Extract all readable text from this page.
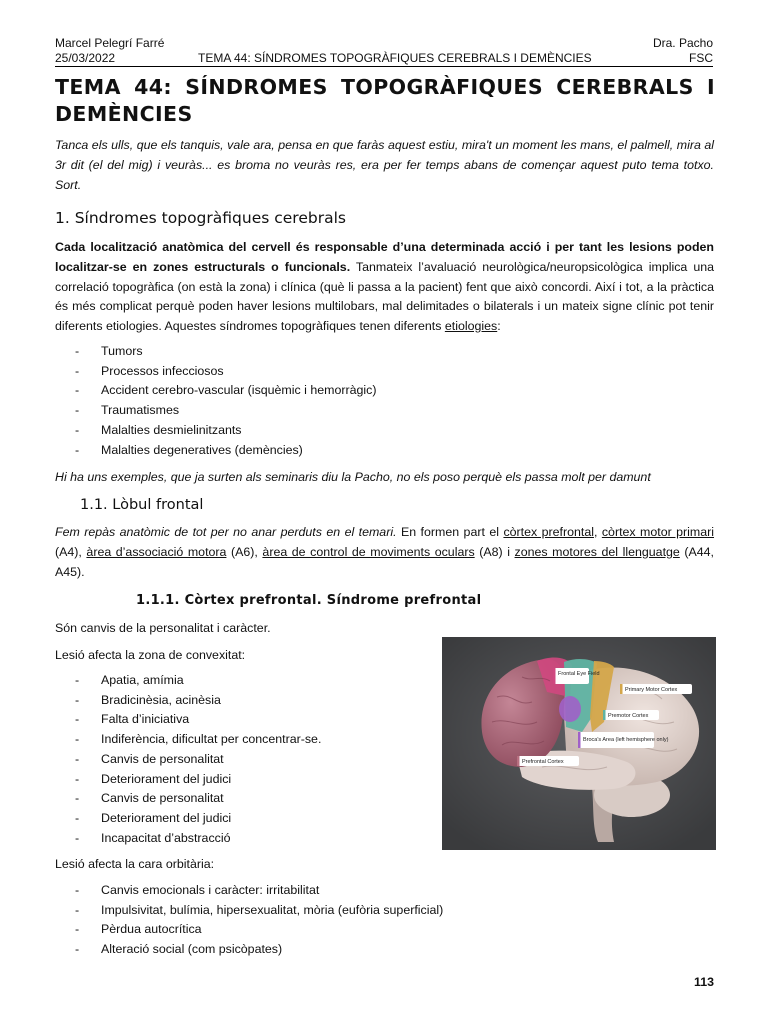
Marcel Pelegrí Farré	Dra. Pacho
25/03/2022	TEMA 44: SÍNDROMES TOPOGRÀFIQUES CEREBRALS I DEMÈNCIES	FSC
TEMA 44: SÍNDROMES TOPOGRÀFIQUES CEREBRALS I DEMÈNCIES
Tanca els ulls, que els tanquis, vale ara, pensa en que faràs aquest estiu, mira't un moment les mans, el palmell, mira al 3r dit (el del mig) i veuràs... es broma no veuràs res, era per fer temps abans de començar aquest puto tema totxo. Sort.
1. Síndromes topogràfiques cerebrals
Cada localització anatòmica del cervell és responsable d’una determinada acció i per tant les lesions poden localitzar-se en zones estructurals o funcionals. Tanmateix l’avaluació neurològica/neuropsicològica implica una correlació topogràfica (on està la zona) i clínica (què li passa a la pacient) fent que això concordi. Així i tot, a la pràctica és més complicat perquè poden haver lesions multilobars, mal delimitades o bilaterals i un mateix signe clínic pot tenir diferents etiologies. Aquestes síndromes topogràfiques tenen diferents etiologies:
- Tumors
- Processos infecciosos
- Accident cerebro-vascular (isquèmic i hemorràgic)
- Traumatismes
- Malalties desmielinitzants
- Malalties degeneratives (demències)
Hi ha uns exemples, que ja surten als seminaris diu la Pacho, no els poso perquè els passa molt per damunt
1.1. Lòbul frontal
Fem repàs anatòmic de tot per no anar perduts en el temari. En formen part el còrtex prefrontal, còrtex motor primari (A4), àrea d’associació motora (A6), àrea de control de moviments oculars (A8) i zones motores del llenguatge (A44, A45).
1.1.1. Còrtex prefrontal. Síndrome prefrontal
Són canvis de la personalitat i caràcter.
Lesió afecta la zona de convexitat:
- Apatia, amímia
- Bradicinèsia, acinèsia
- Falta d’iniciativa
- Indiferència, dificultat per concentrar-se.
- Canvis de personalitat
- Deteriorament del judici
- Canvis de personalitat
- Deteriorament del judici
- Incapacitat d’abstracció
Lesió afecta la cara orbitària:
- Canvis emocionals i caràcter: irritabilitat
- Impulsivitat, bulímia, hipersexualitat, mòria (eufòria superficial)
- Pèrdua autocrítica
- Alteració social (com psicòpates)
Frontal Eye Field
Primary Motor Cortex
Premotor Cortex
Broca's Area (left hemisphere only)
Prefrontal Cortex
113
